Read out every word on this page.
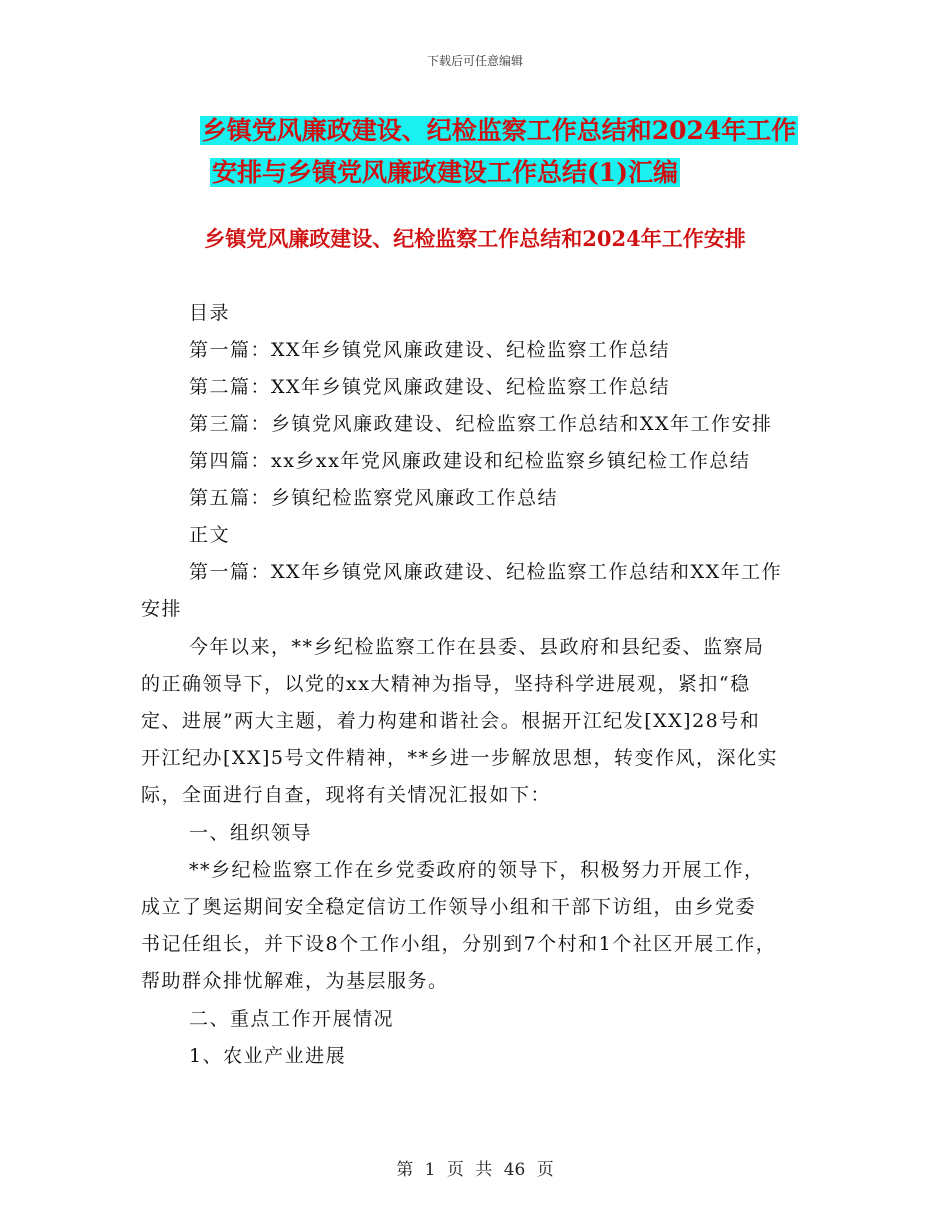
下载后可任意编辑
乡镇党风廉政建设、纪检监察工作总结和2024年工作
安排与乡镇党风廉政建设工作总结(1)汇编
乡镇党风廉政建设、纪检监察工作总结和2024年工作安排
目录
第一篇：XX年乡镇党风廉政建设、纪检监察工作总结
第二篇：XX年乡镇党风廉政建设、纪检监察工作总结
第三篇：乡镇党风廉政建设、纪检监察工作总结和XX年工作安排
第四篇：xx乡xx年党风廉政建设和纪检监察乡镇纪检工作总结
第五篇：乡镇纪检监察党风廉政工作总结
正文
第一篇：XX年乡镇党风廉政建设、纪检监察工作总结和XX年工作
安排
今年以来，**乡纪检监察工作在县委、县政府和县纪委、监察局
的正确领导下，以党的xx大精神为指导，坚持科学进展观，紧扣“稳
定、进展”两大主题，着力构建和谐社会。根据开江纪发[XX]28号和
开江纪办[XX]5号文件精神，**乡进一步解放思想，转变作风，深化实
际，全面进行自查，现将有关情况汇报如下：
一、组织领导
**乡纪检监察工作在乡党委政府的领导下，积极努力开展工作，
成立了奥运期间安全稳定信访工作领导小组和干部下访组，由乡党委
书记任组长，并下设8个工作小组，分别到7个村和1个社区开展工作，
帮助群众排忧解难，为基层服务。
二、重点工作开展情况
1、农业产业进展
第 1 页 共 46 页
